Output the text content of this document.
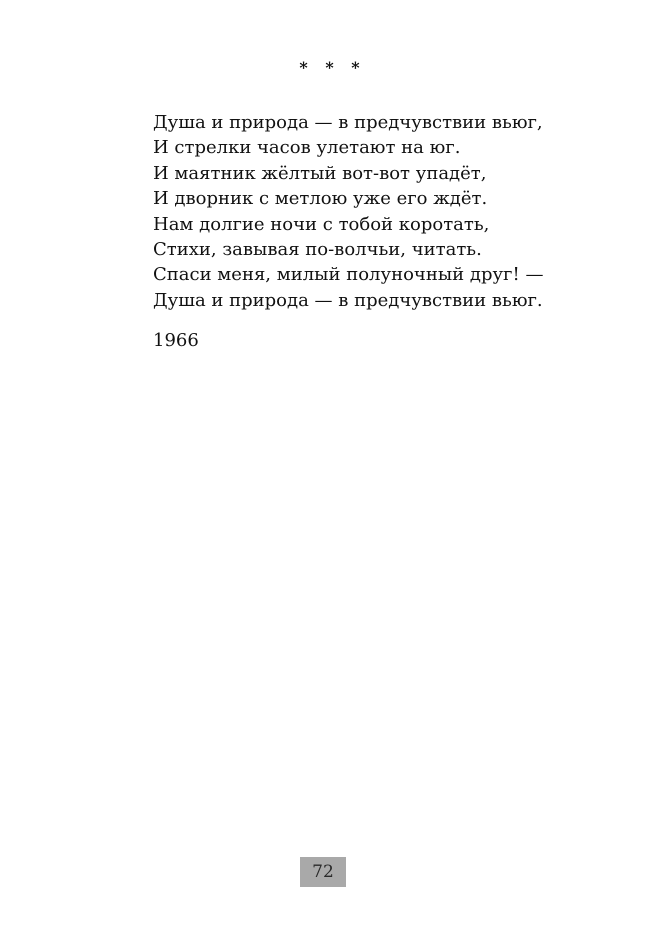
* * *
Душа и природа — в предчувствии вьюг,
И стрелки часов улетают на юг.
И маятник жёлтый вот-вот упадёт,
И дворник с метлою уже его ждёт.
Нам долгие ночи с тобой коротать,
Стихи, завывая по-волчьи, читать.
Спаси меня, милый полуночный друг! —
Душа и природа — в предчувствии вьюг.
1966
72
